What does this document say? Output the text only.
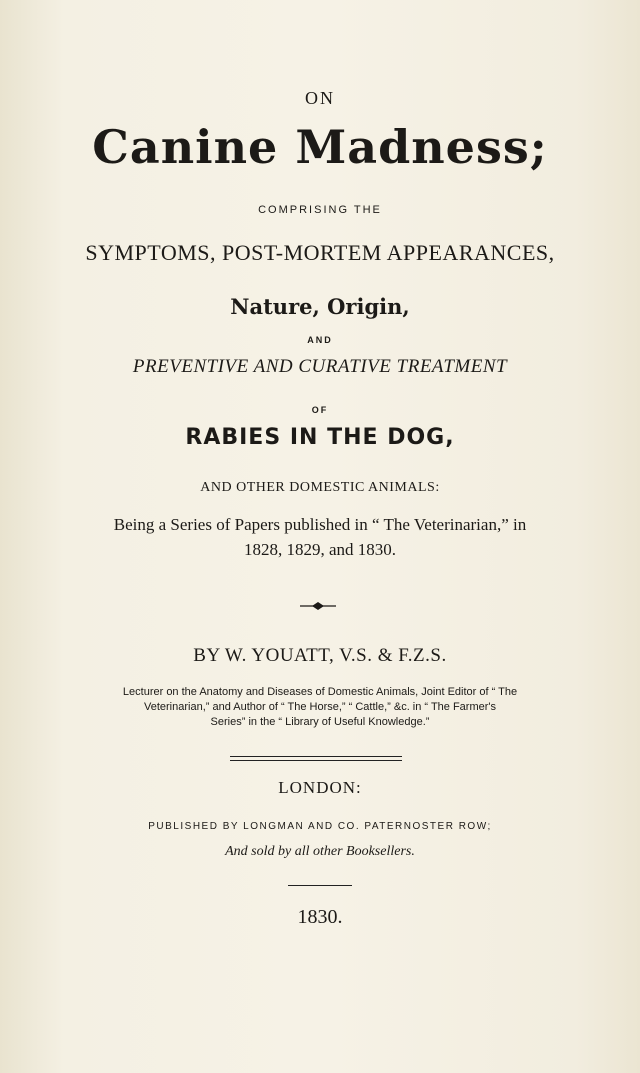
ON
Canine Madness;
COMPRISING THE
SYMPTOMS, POST-MORTEM APPEARANCES,
Nature, Origin,
AND
PREVENTIVE AND CURATIVE TREATMENT
OF
RABIES IN THE DOG,
AND OTHER DOMESTIC ANIMALS:
Being a Series of Papers published in “ The Veterinarian,” in
1828, 1829, and 1830.
BY W. YOUATT, V.S. & F.Z.S.
Lecturer on the Anatomy and Diseases of Domestic Animals, Joint Editor of “ The
Veterinarian,” and Author of “ The Horse,” “ Cattle,” &c. in “ The Farmer's
Series” in the “ Library of Useful Knowledge.”
LONDON:
PUBLISHED BY LONGMAN AND CO. PATERNOSTER ROW;
And sold by all other Booksellers.
1830.
